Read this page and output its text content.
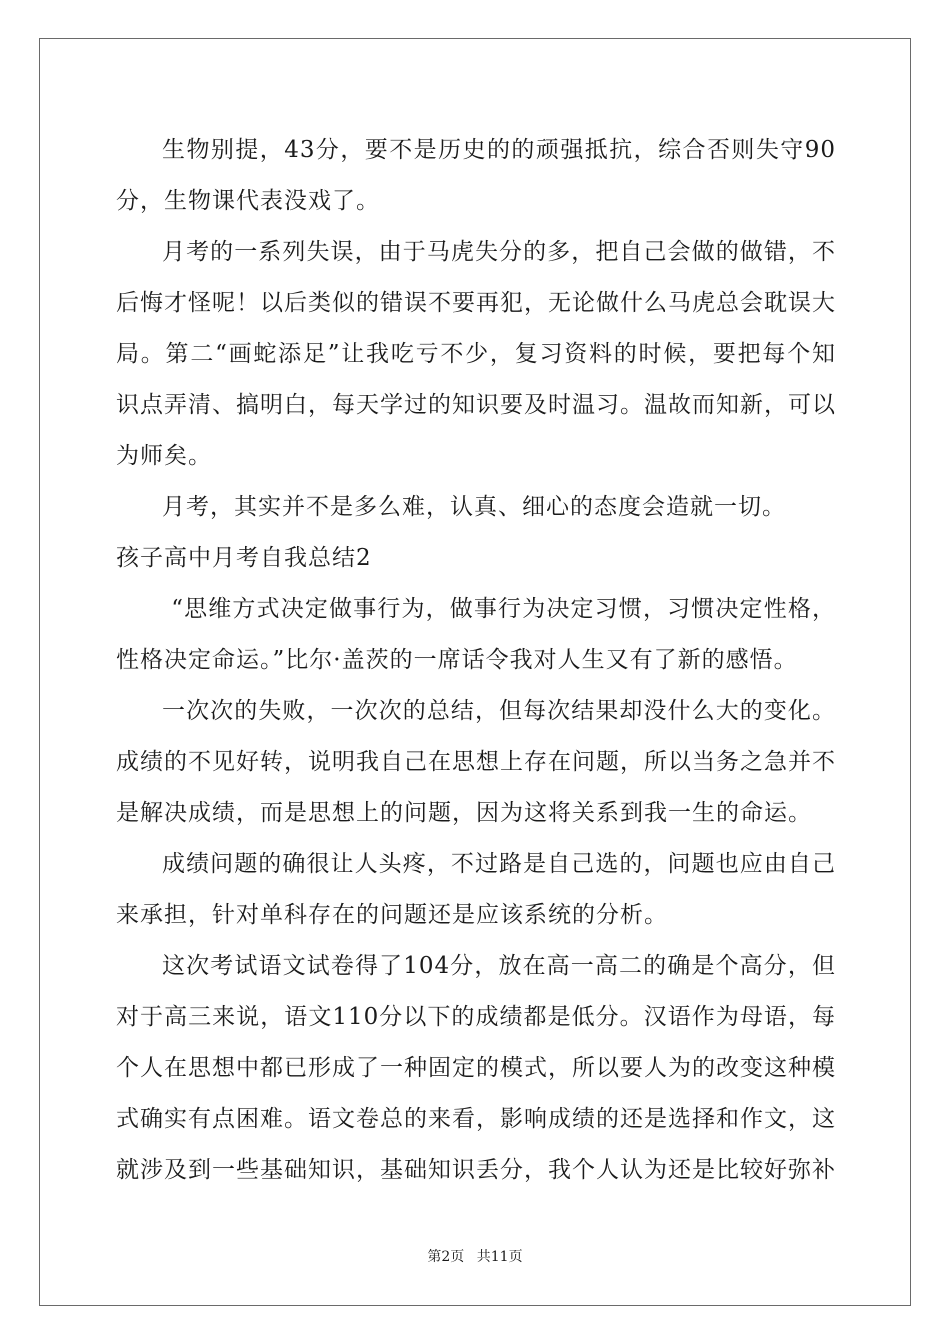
生物别提，43分，要不是历史的的顽强抵抗，综合否则失守90分，生物课代表没戏了。

月考的一系列失误，由于马虎失分的多，把自己会做的做错，不后悔才怪呢！以后类似的错误不要再犯，无论做什么马虎总会耽误大局。第二“画蛇添足”让我吃亏不少，复习资料的时候，要把每个知识点弄清、搞明白，每天学过的知识要及时温习。温故而知新，可以为师矣。

月考，其实并不是多么难，认真、细心的态度会造就一切。

孩子高中月考自我总结2

“思维方式决定做事行为，做事行为决定习惯，习惯决定性格，性格决定命运。”比尔·盖茨的一席话令我对人生又有了新的感悟。

一次次的失败，一次次的总结，但每次结果却没什么大的变化。成绩的不见好转，说明我自己在思想上存在问题，所以当务之急并不是解决成绩，而是思想上的问题，因为这将关系到我一生的命运。

成绩问题的确很让人头疼，不过路是自己选的，问题也应由自己来承担，针对单科存在的问题还是应该系统的分析。

这次考试语文试卷得了104分，放在高一高二的确是个高分，但对于高三来说，语文110分以下的成绩都是低分。汉语作为母语，每个人在思想中都已形成了一种固定的模式，所以要人为的改变这种模式确实有点困难。语文卷总的来看，影响成绩的还是选择和作文，这就涉及到一些基础知识，基础知识丢分，我个人认为还是比较好弥补

第2页 共11页
